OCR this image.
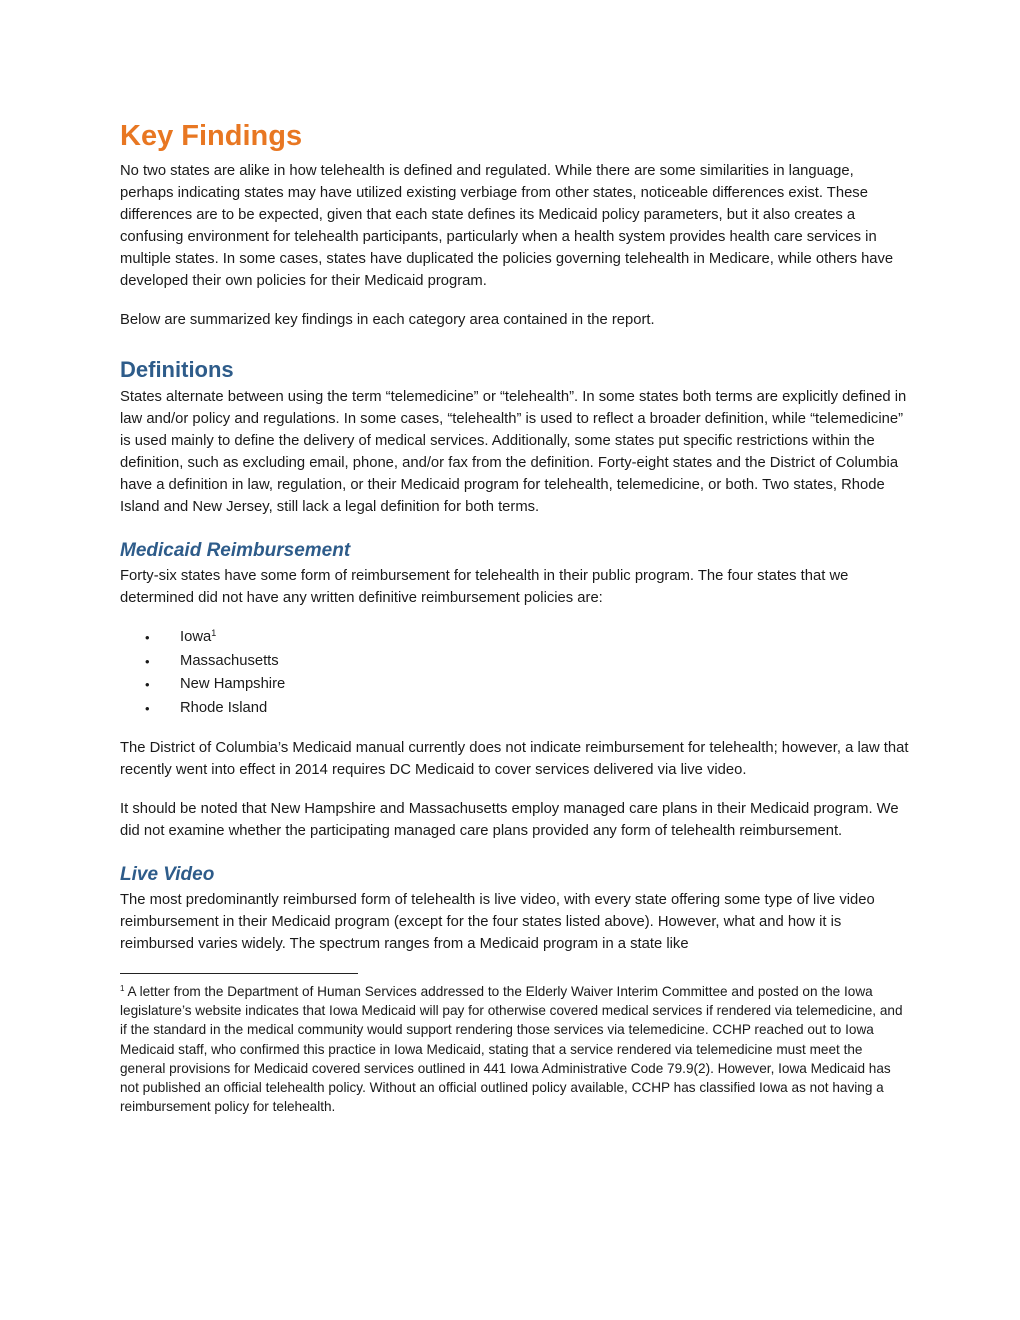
Key Findings

No two states are alike in how telehealth is defined and regulated. While there are some similarities in language, perhaps indicating states may have utilized existing verbiage from other states, noticeable differences exist. These differences are to be expected, given that each state defines its Medicaid policy parameters, but it also creates a confusing environment for telehealth participants, particularly when a health system provides health care services in multiple states. In some cases, states have duplicated the policies governing telehealth in Medicare, while others have developed their own policies for their Medicaid program.

Below are summarized key findings in each category area contained in the report.

Definitions

States alternate between using the term “telemedicine” or “telehealth”. In some states both terms are explicitly defined in law and/or policy and regulations. In some cases, “telehealth” is used to reflect a broader definition, while “telemedicine” is used mainly to define the delivery of medical services. Additionally, some states put specific restrictions within the definition, such as excluding email, phone, and/or fax from the definition. Forty-eight states and the District of Columbia have a definition in law, regulation, or their Medicaid program for telehealth, telemedicine, or both. Two states, Rhode Island and New Jersey, still lack a legal definition for both terms.

Medicaid Reimbursement

Forty-six states have some form of reimbursement for telehealth in their public program. The four states that we determined did not have any written definitive reimbursement policies are:

• Iowa$^1$
• Massachusetts
• New Hampshire
• Rhode Island

The District of Columbia’s Medicaid manual currently does not indicate reimbursement for telehealth; however, a law that recently went into effect in 2014 requires DC Medicaid to cover services delivered via live video.

It should be noted that New Hampshire and Massachusetts employ managed care plans in their Medicaid program. We did not examine whether the participating managed care plans provided any form of telehealth reimbursement.

Live Video

The most predominantly reimbursed form of telehealth is live video, with every state offering some type of live video reimbursement in their Medicaid program (except for the four states listed above). However, what and how it is reimbursed varies widely. The spectrum ranges from a Medicaid program in a state like

$^1$ A letter from the Department of Human Services addressed to the Elderly Waiver Interim Committee and posted on the Iowa legislature’s website indicates that Iowa Medicaid will pay for otherwise covered medical services if rendered via telemedicine, and if the standard in the medical community would support rendering those services via telemedicine. CCHP reached out to Iowa Medicaid staff, who confirmed this practice in Iowa Medicaid, stating that a service rendered via telemedicine must meet the general provisions for Medicaid covered services outlined in 441 Iowa Administrative Code 79.9(2). However, Iowa Medicaid has not published an official telehealth policy. Without an official outlined policy available, CCHP has classified Iowa as not having a reimbursement policy for telehealth.
